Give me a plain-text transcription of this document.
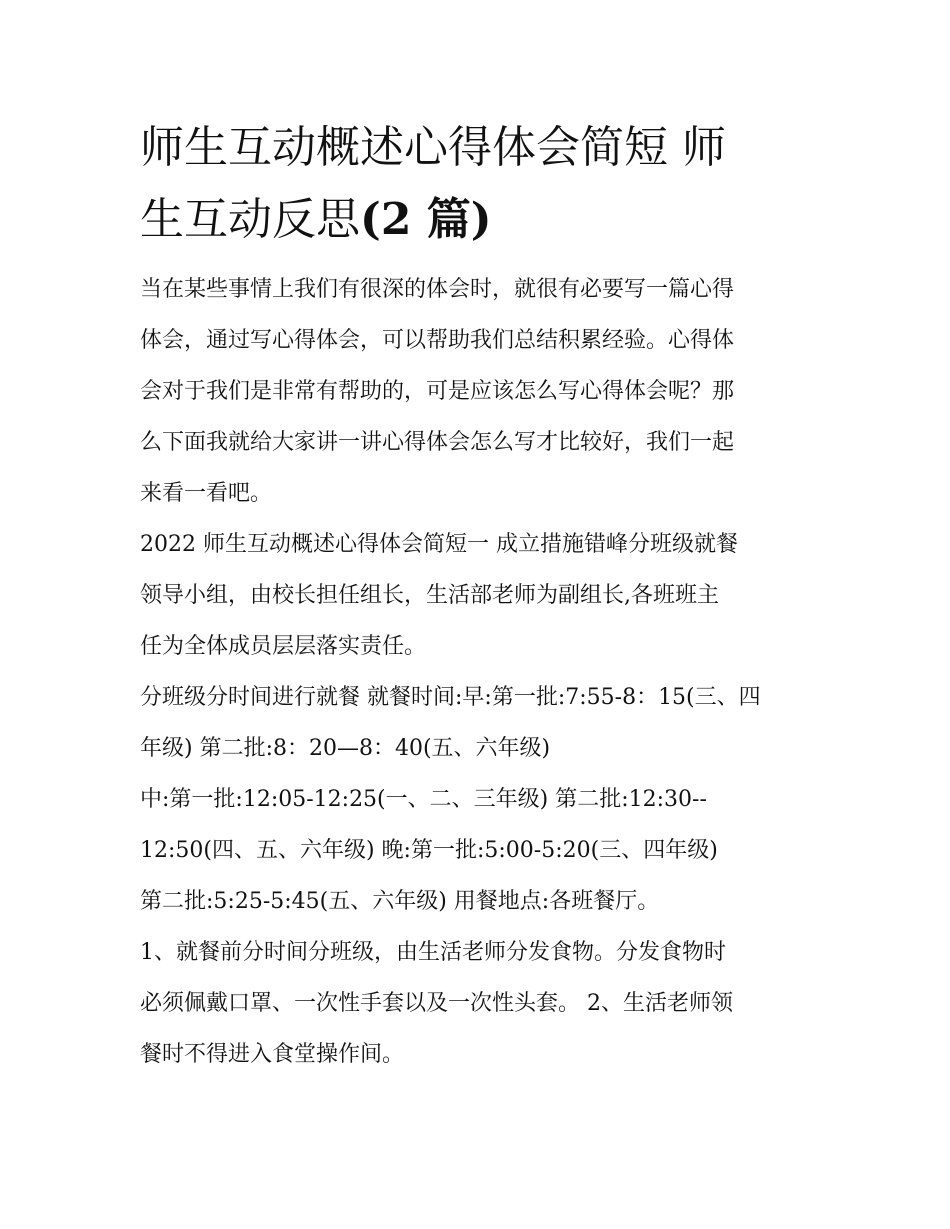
师生互动概述心得体会简短 师
生互动反思(2 篇)

当在某些事情上我们有很深的体会时，就很有必要写一篇心得
体会，通过写心得体会，可以帮助我们总结积累经验。心得体
会对于我们是非常有帮助的，可是应该怎么写心得体会呢？那
么下面我就给大家讲一讲心得体会怎么写才比较好，我们一起
来看一看吧。

2022 师生互动概述心得体会简短一 成立措施错峰分班级就餐
领导小组，由校长担任组长，生活部老师为副组长,各班班主
任为全体成员层层落实责任。

分班级分时间进行就餐 就餐时间:早:第一批:7:55-8：15(三、四
年级) 第二批:8：20—8：40(五、六年级)

中:第一批:12:05-12:25(一、二、三年级) 第二批:12:30--
12:50(四、五、六年级) 晚:第一批:5:00-5:20(三、四年级)

第二批:5:25-5:45(五、六年级) 用餐地点:各班餐厅。

1、就餐前分时间分班级，由生活老师分发食物。分发食物时
必须佩戴口罩、一次性手套以及一次性头套。 2、生活老师领
餐时不得进入食堂操作间。
